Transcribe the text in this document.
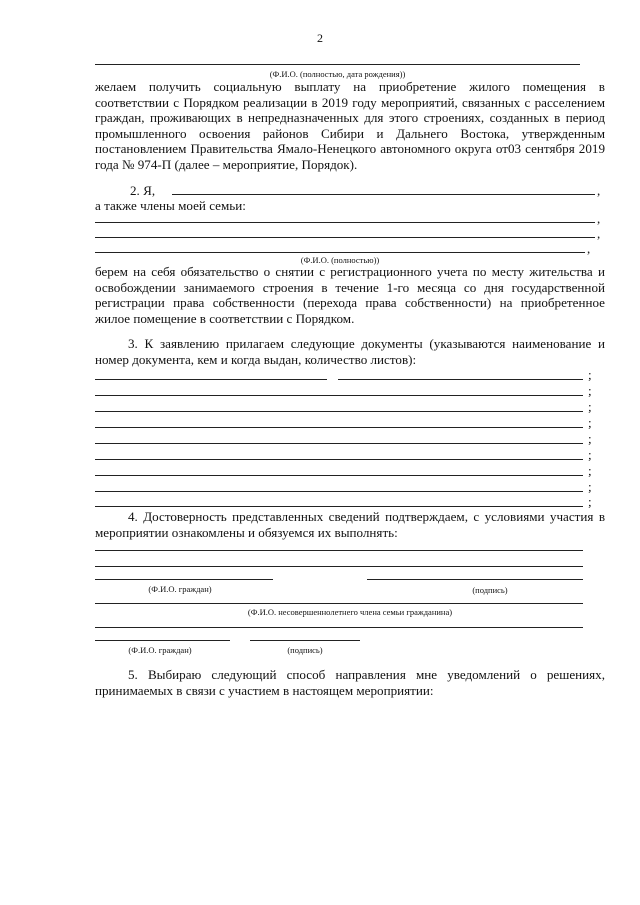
2
(Ф.И.О. (полностью, дата рождения))
желаем получить социальную выплату на приобретение жилого помещения в соответствии с Порядком реализации в 2019 году мероприятий, связанных с расселением граждан, проживающих в непредназначенных для этого строениях, созданных в период промышленного освоения районов Сибири и Дальнего Востока, утвержденным постановлением Правительства Ямало-Ненецкого автономного округа от03 сентября 2019 года № 974-П (далее – мероприятие, Порядок).
2. Я,	,
а также члены моей семьи:
,
,
,
(Ф.И.О. (полностью))
берем на себя обязательство о снятии с регистрационного учета по месту жительства и освобождении занимаемого строения в течение 1-го месяца со дня государственной регистрации права собственности (перехода права собственности) на приобретенное жилое помещение в соответствии с Порядком.
3. К заявлению прилагаем следующие документы (указываются наименование и номер документа, кем и когда выдан, количество листов):
;
;
;
;
;
;
;
;
;
4. Достоверность представленных сведений подтверждаем, с условиями участия в мероприятии ознакомлены и обязуемся их выполнять:
(Ф.И.О. граждан)	(подпись)
(Ф.И.О. несовершеннолетнего члена семьи гражданина)
(Ф.И.О. граждан)	(подпись)
5. Выбираю следующий способ направления мне уведомлений о решениях, принимаемых в связи с участием в настоящем мероприятии:
